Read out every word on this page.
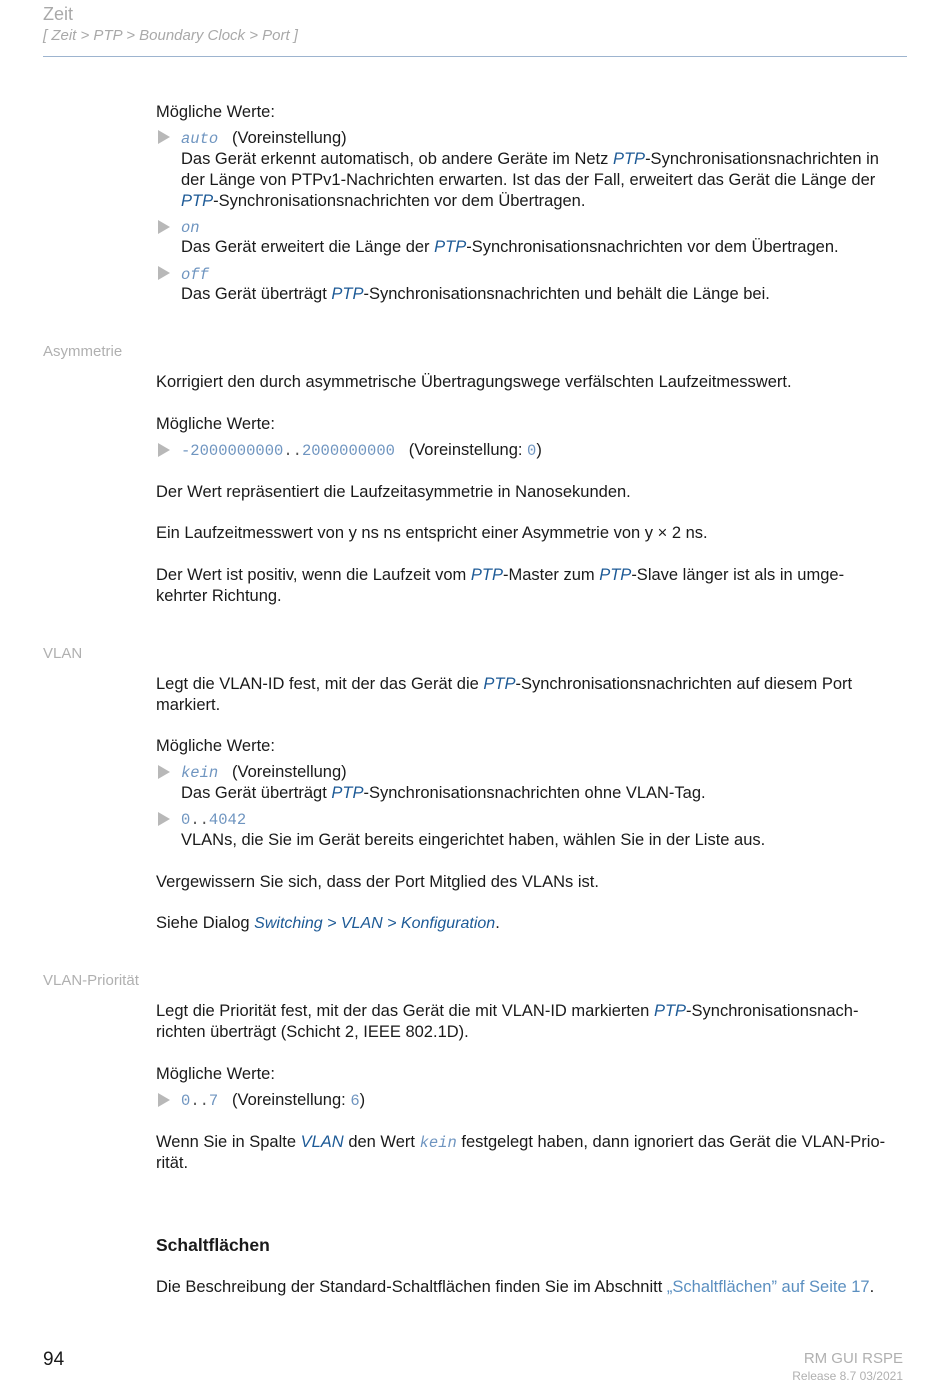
Zeit
[ Zeit > PTP > Boundary Clock > Port ]
Mögliche Werte:
auto (Voreinstellung)
Das Gerät erkennt automatisch, ob andere Geräte im Netz PTP-Synchronisationsnachrichten in
der Länge von PTPv1-Nachrichten erwarten. Ist das der Fall, erweitert das Gerät die Länge der
PTP-Synchronisationsnachrichten vor dem Übertragen.
on
Das Gerät erweitert die Länge der PTP-Synchronisationsnachrichten vor dem Übertragen.
off
Das Gerät überträgt PTP-Synchronisationsnachrichten und behält die Länge bei.
Asymmetrie
Korrigiert den durch asymmetrische Übertragungswege verfälschten Laufzeitmesswert.
Mögliche Werte:
-2000000000..2000000000 (Voreinstellung: 0)
Der Wert repräsentiert die Laufzeitasymmetrie in Nanosekunden.
Ein Laufzeitmesswert von y ns ns entspricht einer Asymmetrie von y × 2 ns.
Der Wert ist positiv, wenn die Laufzeit vom PTP-Master zum PTP-Slave länger ist als in umge-
kehrter Richtung.
VLAN
Legt die VLAN-ID fest, mit der das Gerät die PTP-Synchronisationsnachrichten auf diesem Port
markiert.
Mögliche Werte:
kein (Voreinstellung)
Das Gerät überträgt PTP-Synchronisationsnachrichten ohne VLAN-Tag.
0..4042
VLANs, die Sie im Gerät bereits eingerichtet haben, wählen Sie in der Liste aus.
Vergewissern Sie sich, dass der Port Mitglied des VLANs ist.
Siehe Dialog Switching > VLAN > Konfiguration.
VLAN-Priorität
Legt die Priorität fest, mit der das Gerät die mit VLAN-ID markierten PTP-Synchronisationsnach-
richten überträgt (Schicht 2, IEEE 802.1D).
Mögliche Werte:
0..7 (Voreinstellung: 6)
Wenn Sie in Spalte VLAN den Wert kein festgelegt haben, dann ignoriert das Gerät die VLAN-Prio-
rität.
Schaltflächen
Die Beschreibung der Standard-Schaltflächen finden Sie im Abschnitt „Schaltflächen” auf Seite 17.
94	RM GUI RSPE
Release 8.7 03/2021
